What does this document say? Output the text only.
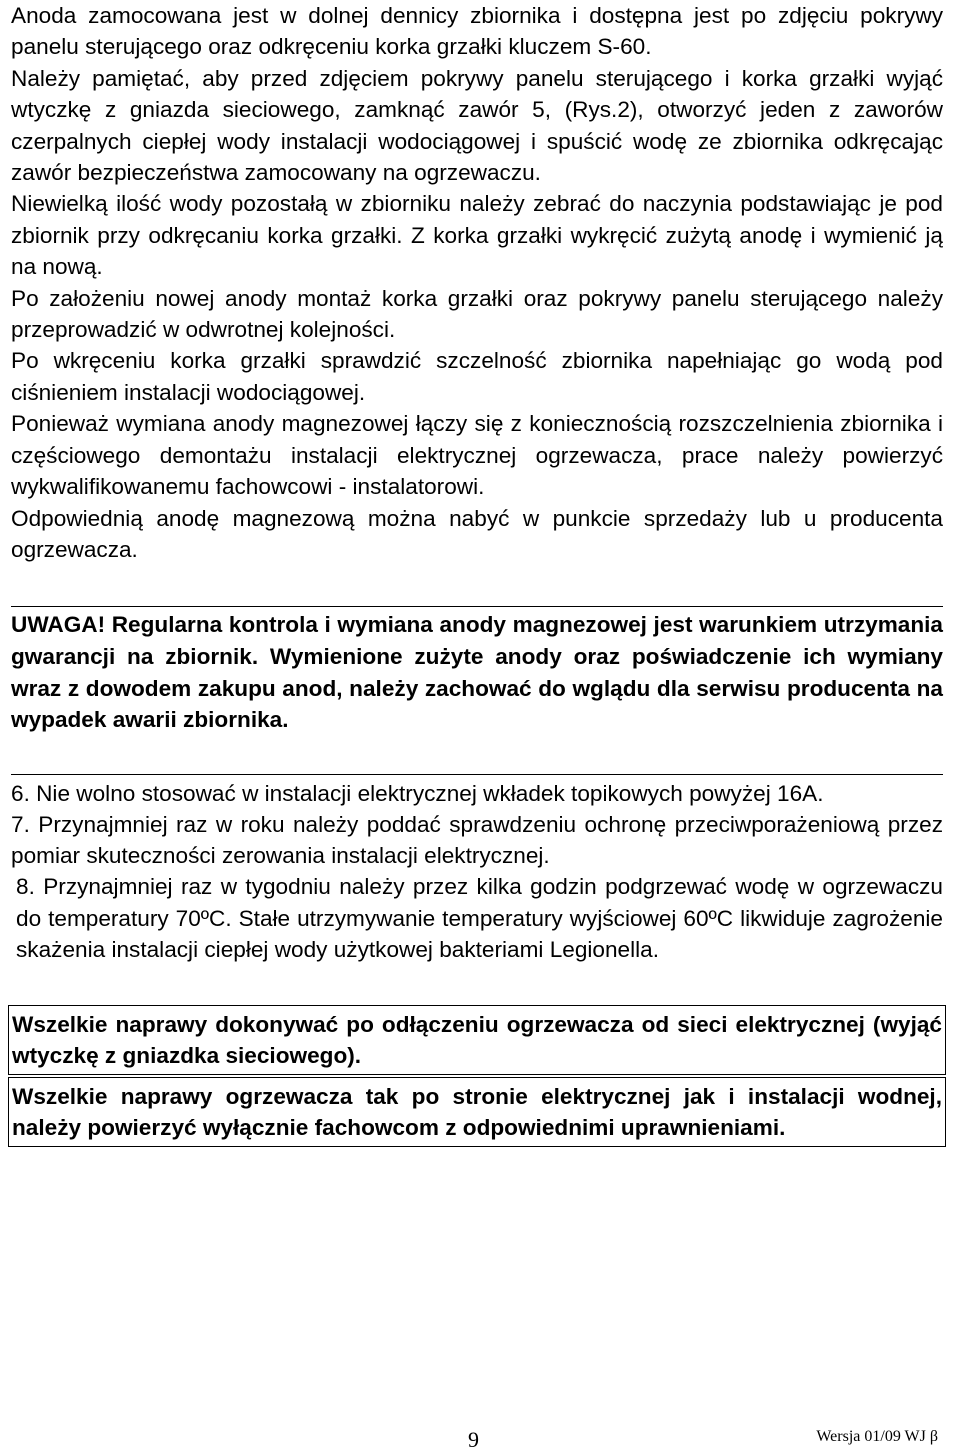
Anoda zamocowana jest w dolnej dennicy zbiornika i dostępna jest po zdjęciu pokrywy panelu sterującego oraz odkręceniu korka grzałki kluczem S-60.

Należy pamiętać, aby przed zdjęciem pokrywy panelu sterującego i korka grzałki wyjąć wtyczkę z gniazda sieciowego, zamknąć zawór 5, (Rys.2), otworzyć jeden z zaworów czerpalnych ciepłej wody instalacji wodociągowej i spuścić wodę ze zbiornika odkręcając zawór bezpieczeństwa zamocowany na ogrzewaczu.

Niewielką ilość wody pozostałą w zbiorniku należy zebrać do naczynia podstawiając je pod zbiornik przy odkręcaniu korka grzałki. Z korka grzałki wykręcić zużytą anodę i wymienić ją na nową.

Po założeniu nowej anody montaż korka grzałki oraz pokrywy panelu sterującego należy przeprowadzić w odwrotnej kolejności.

Po wkręceniu korka grzałki sprawdzić szczelność zbiornika napełniając go wodą pod ciśnieniem instalacji wodociągowej.

Ponieważ wymiana anody magnezowej łączy się z koniecznością rozszczelnienia zbiornika i częściowego demontażu instalacji elektrycznej ogrzewacza, prace należy powierzyć wykwalifikowanemu fachowcowi - instalatorowi.

Odpowiednią anodę magnezową można nabyć w punkcie sprzedaży lub u producenta ogrzewacza.

UWAGA! Regularna kontrola i wymiana anody magnezowej jest warunkiem utrzymania gwarancji na zbiornik. Wymienione zużyte anody oraz poświadczenie ich wymiany wraz z dowodem zakupu anod, należy zachować do wglądu dla serwisu producenta na wypadek awarii zbiornika.

6. Nie wolno stosować w instalacji elektrycznej wkładek topikowych powyżej 16A.

7. Przynajmniej raz w roku należy poddać sprawdzeniu ochronę przeciwporażeniową przez pomiar skuteczności zerowania instalacji elektrycznej.

8. Przynajmniej raz w tygodniu należy przez kilka godzin podgrzewać wodę w ogrzewaczu do temperatury 70ºC. Stałe utrzymywanie temperatury wyjściowej 60ºC likwiduje zagrożenie skażenia instalacji ciepłej wody użytkowej bakteriami Legionella.

Wszelkie naprawy dokonywać po odłączeniu ogrzewacza od sieci elektrycznej (wyjąć wtyczkę z gniazdka sieciowego).
Wszelkie naprawy ogrzewacza tak po stronie elektrycznej jak i instalacji wodnej, należy powierzyć wyłącznie fachowcom z odpowiednimi uprawnieniami.
9	Wersja 01/09 WJ β
